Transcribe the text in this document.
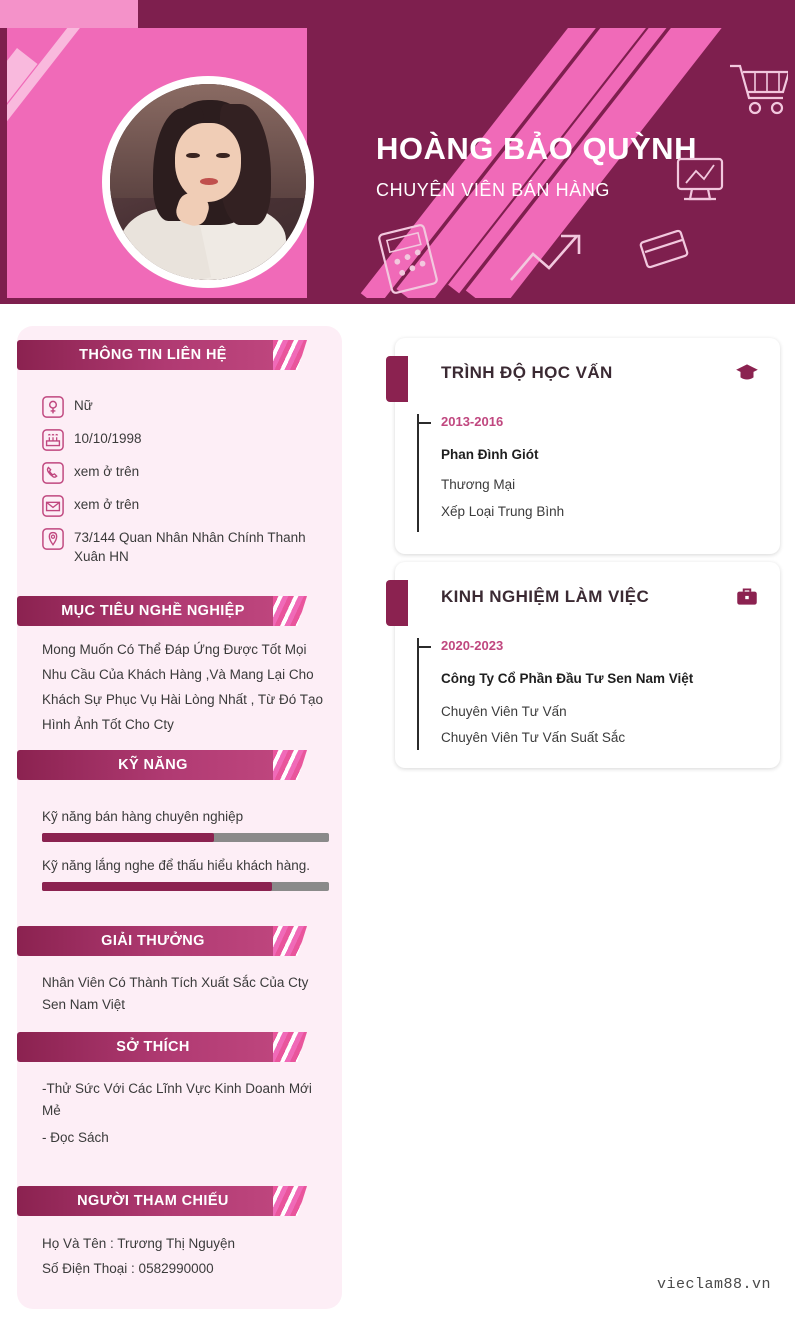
HOÀNG BẢO QUỲNH
CHUYÊN VIÊN BÁN HÀNG
THÔNG TIN LIÊN HỆ
Nữ
10/10/1998
xem ở trên
xem ở trên
73/144 Quan Nhân Nhân Chính Thanh Xuân HN
MỤC TIÊU NGHỀ NGHIỆP
Mong Muốn Có Thể Đáp Ứng Được Tốt Mọi Nhu Cầu Của Khách Hàng ,Và Mang Lại Cho Khách Sự Phục Vụ Hài Lòng Nhất , Từ Đó Tạo Hình Ảnh Tốt Cho Cty
KỸ NĂNG
Kỹ năng bán hàng chuyên nghiệp
Kỹ năng lắng nghe để thấu hiểu khách hàng.
GIẢI THƯỞNG
Nhân Viên Có Thành Tích Xuất Sắc Của Cty Sen Nam Việt
SỞ THÍCH
-Thử Sức Với Các Lĩnh Vực Kinh Doanh Mới Mẻ
- Đọc Sách
NGƯỜI THAM CHIẾU
Họ Và Tên : Trương Thị Nguyện
Số Điện Thoại : 0582990000
TRÌNH ĐỘ HỌC VẤN
2013-2016
Phan Đình Giót
Thương Mại
Xếp Loại Trung Bình
KINH NGHIỆM LÀM VIỆC
2020-2023
Công Ty Cổ Phần Đầu Tư Sen Nam Việt
Chuyên Viên Tư Vấn
Chuyên Viên Tư Vấn Suất Sắc
vieclam88.vn
